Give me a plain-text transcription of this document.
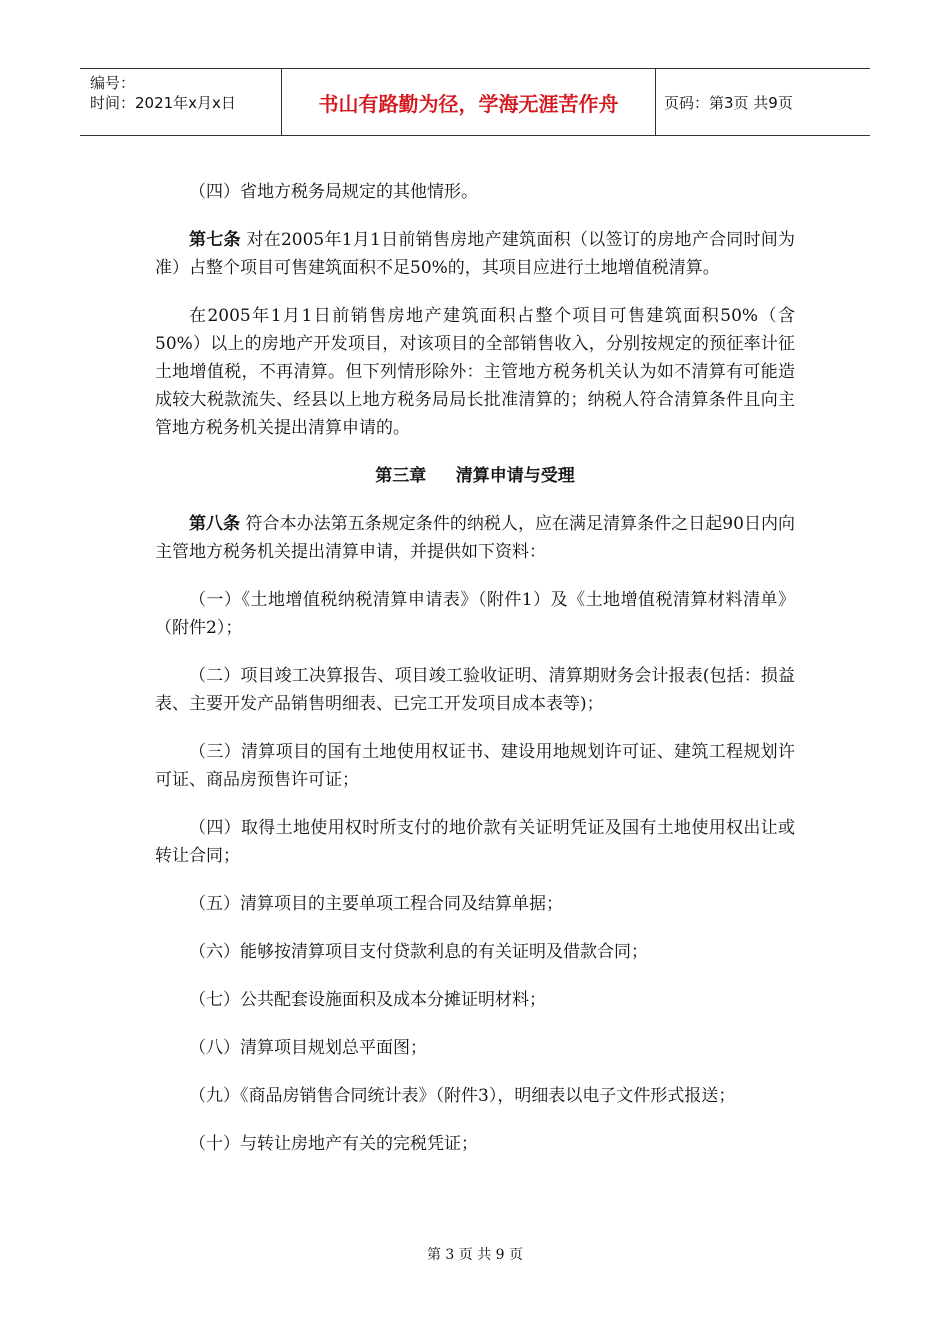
编号：
时间：2021年x月x日	书山有路勤为径，学海无涯苦作舟	页码：第3页 共9页

（四）省地方税务局规定的其他情形。

第七条 对在2005年1月1日前销售房地产建筑面积（以签订的房地产合同时间为准）占整个项目可售建筑面积不足50%的，其项目应进行土地增值税清算。

在2005年1月1日前销售房地产建筑面积占整个项目可售建筑面积50%（含50%）以上的房地产开发项目，对该项目的全部销售收入，分别按规定的预征率计征土地增值税，不再清算。但下列情形除外：主管地方税务机关认为如不清算有可能造成较大税款流失、经县以上地方税务局局长批准清算的；纳税人符合清算条件且向主管地方税务机关提出清算申请的。

第三章     清算申请与受理

第八条 符合本办法第五条规定条件的纳税人，应在满足清算条件之日起90日内向主管地方税务机关提出清算申请，并提供如下资料：

（一）《土地增值税纳税清算申请表》（附件1）及《土地增值税清算材料清单》（附件2）；

（二）项目竣工决算报告、项目竣工验收证明、清算期财务会计报表(包括：损益表、主要开发产品销售明细表、已完工开发项目成本表等)；

（三）清算项目的国有土地使用权证书、建设用地规划许可证、建筑工程规划许可证、商品房预售许可证；

（四）取得土地使用权时所支付的地价款有关证明凭证及国有土地使用权出让或转让合同；

（五）清算项目的主要单项工程合同及结算单据；

（六）能够按清算项目支付贷款利息的有关证明及借款合同；

（七）公共配套设施面积及成本分摊证明材料；

（八）清算项目规划总平面图；

（九）《商品房销售合同统计表》（附件3），明细表以电子文件形式报送；

（十）与转让房地产有关的完税凭证；

第 3 页 共 9 页
